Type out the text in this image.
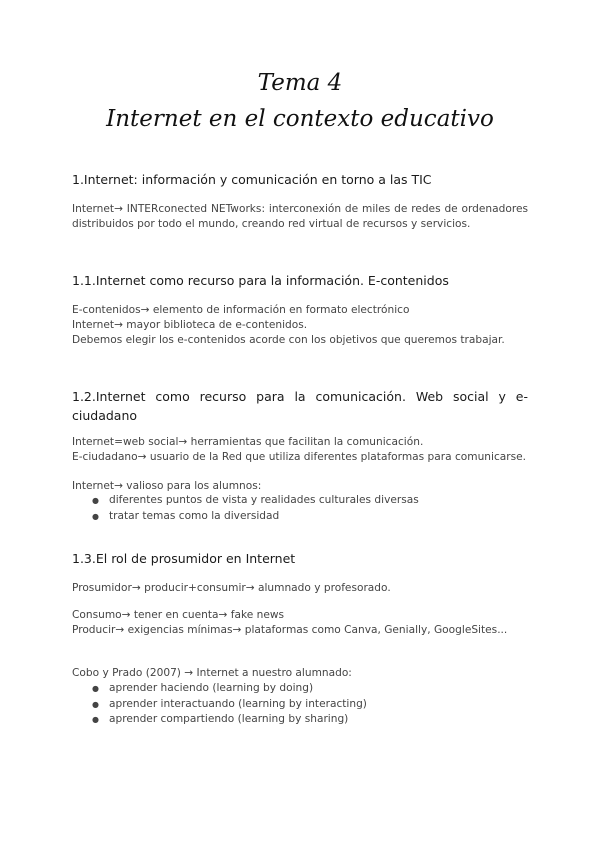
Tema 4
Internet en el contexto educativo
1.Internet: información y comunicación en torno a las TIC
Internet→ INTERconected NETworks: interconexión de miles de redes de ordenadores distribuidos por todo el mundo, creando red virtual de recursos y servicios.
1.1.Internet como recurso para la información. E-contenidos
E-contenidos→ elemento de información en formato electrónico
Internet→ mayor biblioteca de e-contenidos.
Debemos elegir los e-contenidos acorde con los objetivos que queremos trabajar.
1.2.Internet como recurso para la comunicación. Web social y e-ciudadano
Internet=web social→ herramientas que facilitan la comunicación.
E-ciudadano→ usuario de la Red que utiliza diferentes plataformas para comunicarse.
Internet→ valioso para los alumnos:
● diferentes puntos de vista y realidades culturales diversas
● tratar temas como la diversidad
1.3.El rol de prosumidor en Internet
Prosumidor→ producir+consumir→ alumnado y profesorado.
Consumo→ tener en cuenta→ fake news
Producir→ exigencias mínimas→ plataformas como Canva, Genially, GoogleSites...
Cobo y Prado (2007) → Internet a nuestro alumnado:
● aprender haciendo (learning by doing)
● aprender interactuando (learning by interacting)
● aprender compartiendo (learning by sharing)
